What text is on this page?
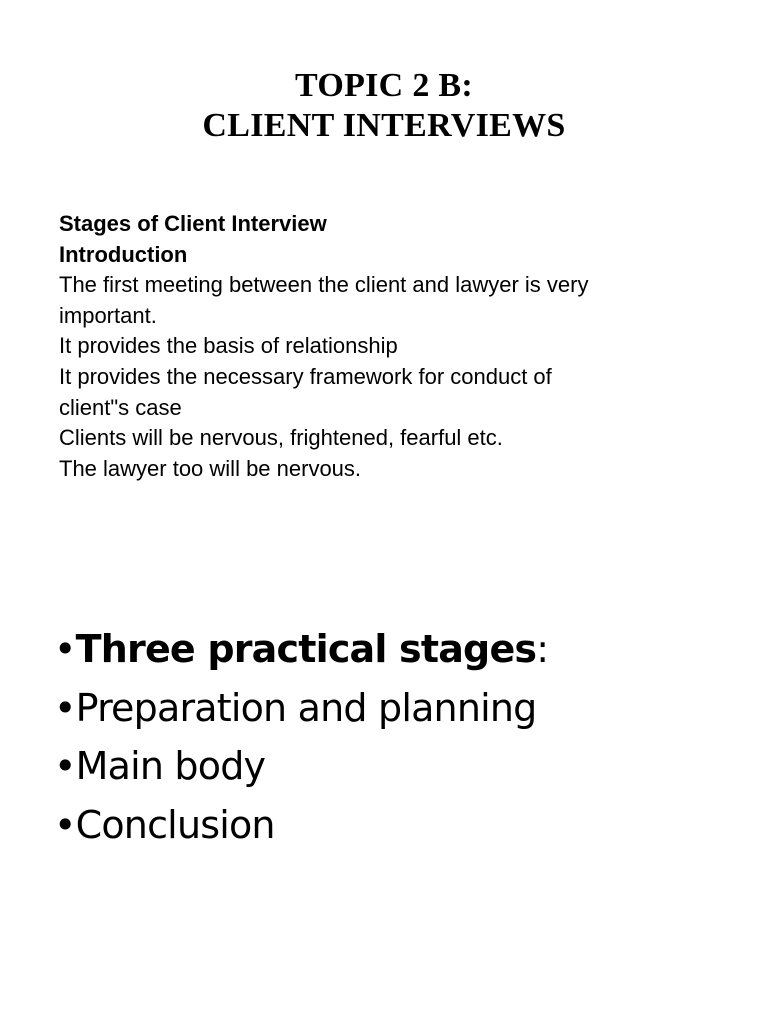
TOPIC 2 B:
CLIENT INTERVIEWS
Stages of Client Interview
Introduction
The first meeting between the client and lawyer is very
important.
It provides the basis of relationship
It provides the necessary framework for conduct of
client"s case
Clients will be nervous, frightened, fearful etc.
The lawyer too will be nervous.
•Three practical stages:
•Preparation and planning
•Main body
•Conclusion
